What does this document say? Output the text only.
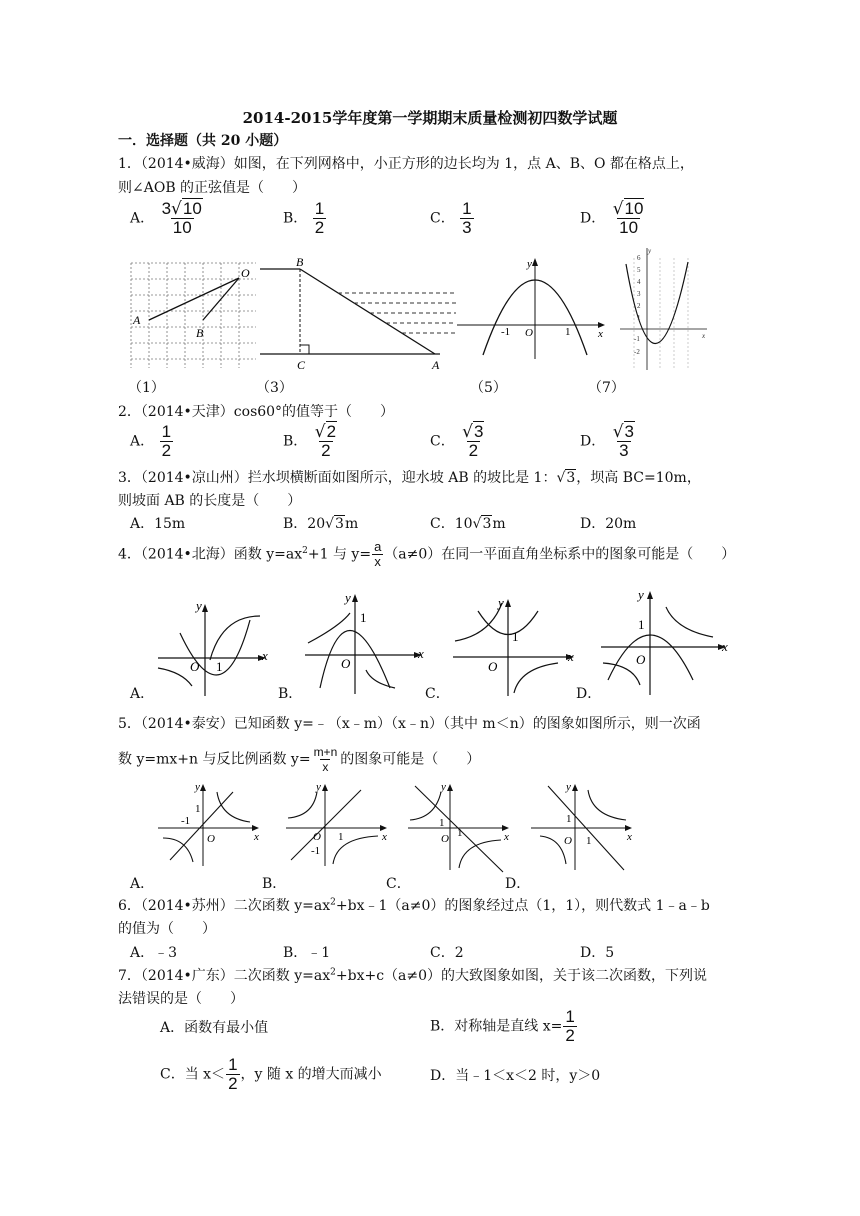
2014-2015学年度第一学期期末质量检测初四数学试题
一．选择题（共 20 小题）
1．（2014•威海）如图，在下列网格中，小正方形的边长均为 1，点 A、B、O 都在格点上，
则∠AOB 的正弦值是（　　）
A． $\frac{3√10}{10}$	B． $\frac{1}{2}$	C． $\frac{1}{3}$	D． $\frac{√10}{10}$
A
O
B
B
C	A
y
x
-1 O	1
6
5
4
3
2
1
-1
-2
y
x
（1）	（3）	（5）	（7）
2．（2014•天津）cos60°的值等于（　　）
A． $\frac{1}{2}$	B． $\frac{√2}{2}$	C． $\frac{√3}{2}$	D． $\frac{√3}{3}$
3．（2014•凉山州）拦水坝横断面如图所示，迎水坡 AB 的坡比是 1：√3，坝高 BC=10m，
则坡面 AB 的长度是（　　）
A．15m	B．20√3m	C．10√3m	D．20m
4．（2014•北海）函数 $y=ax^2+1$ 与 $y= \frac{a}{x} (a\ne 0)$在同一平面直角坐标系中的图象可能是（　　）
y
x
O 1
y
x
O
1
y
x
O
1
y
x
O
1
A．	B．	C．	D．
5．（2014•泰安）已知函数 y=﹣（x﹣m）（x﹣n）（其中 m＜n）的图象如图所示，则一次函
数 y=mx+n 与反比例函数 $y= \frac{m+n}{x}$ 的图象可能是（　　）
y
x
O
-1
1
y
x
O 1
-1
y
x
O
1
1
y
x
O
1
1
A．	B．	C．	D．
6．（2014•苏州）二次函数 $y=ax^2+bx﹣1(a\ne 0)$的图象经过点（1，1），则代数式 1﹣a﹣b
的值为（　　）
A．﹣3	B．﹣1	C．2	D．5
7．（2014•广东）二次函数 $y=ax^2+bx+c(a\ne 0)$的大致图象如图，关于该二次函数，下列说
法错误的是（　　）
A．函数有最小值	B．对称轴是直线 $x= \frac{1}{2}$
C．当 $x< \frac{1}{2}$ ，y 随 x 的增大而减小	D．当﹣1＜x＜2 时，y＞0
